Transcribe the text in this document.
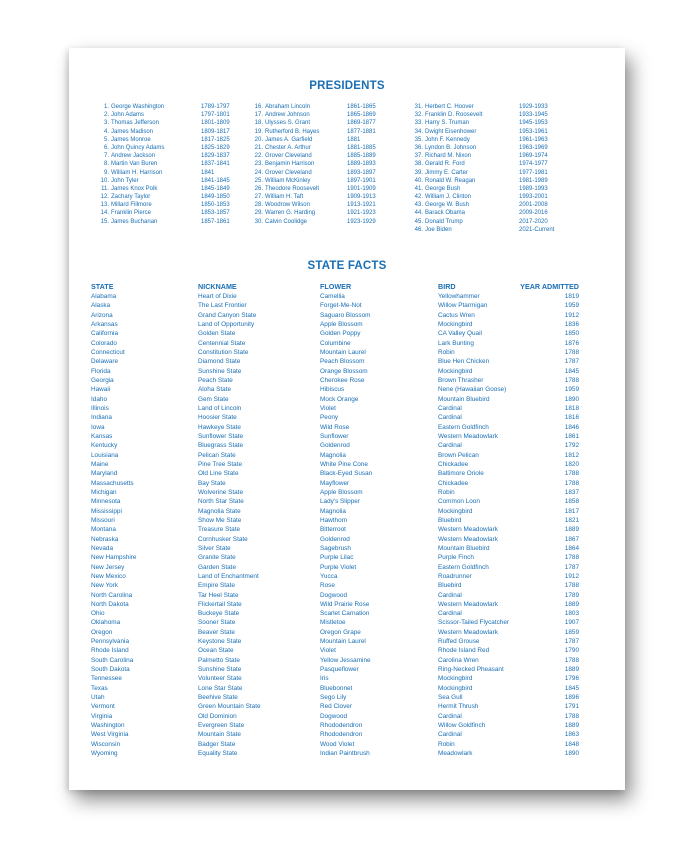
PRESIDENTS
1. George Washington	1789-1797
2. John Adams	1797-1801
3. Thomas Jefferson	1801-1809
4. James Madison	1809-1817
5. James Monroe	1817-1825
6. John Quincy Adams	1825-1829
7. Andrew Jackson	1829-1837
8. Martin Van Buren	1837-1841
9. William H. Harrison	1841
10. John Tyler	1841-1845
11. James Knox Polk	1845-1849
12. Zachary Taylor	1849-1850
13. Millard Fillmore	1850-1853
14. Franklin Pierce	1853-1857
15. James Buchanan	1857-1861
16. Abraham Lincoln	1861-1865
17. Andrew Johnson	1865-1869
18. Ulysses S. Grant	1869-1877
19. Rutherford B. Hayes	1877-1881
20. James A. Garfield	1881
21. Chester A. Arthur	1881-1885
22. Grover Cleveland	1885-1889
23. Benjamin Harrison	1889-1893
24. Grover Cleveland	1893-1897
25. William McKinley	1897-1901
26. Theodore Roosevelt	1901-1909
27. William H. Taft	1909-1913
28. Woodrow Wilson	1913-1921
29. Warren G. Harding	1921-1923
30. Calvin Coolidge	1923-1929
31. Herbert C. Hoover	1929-1933
32. Franklin D. Roosevelt	1933-1945
33. Harry S. Truman	1945-1953
34. Dwight Eisenhower	1953-1961
35. John F. Kennedy	1961-1963
36. Lyndon B. Johnson	1963-1969
37. Richard M. Nixon	1969-1974
38. Gerald R. Ford	1974-1977
39. Jimmy E. Carter	1977-1981
40. Ronald W. Reagan	1981-1989
41. George Bush	1989-1993
42. William J. Clinton	1993-2001
43. George W. Bush	2001-2008
44. Barack Obama	2009-2016
45. Donald Trump	2017-2020
46. Joe Biden	2021-Current
STATE FACTS
STATE	NICKNAME	FLOWER	BIRD	YEAR ADMITTED
Alabama	Heart of Dixie	Camellia	Yellowhammer	1819
Alaska	The Last Frontier	Forget-Me-Not	Willow Ptarmigan	1959
Arizona	Grand Canyon State	Saguaro Blossom	Cactus Wren	1912
Arkansas	Land of Opportunity	Apple Blossom	Mockingbird	1836
California	Golden State	Golden Poppy	CA Valley Quail	1850
Colorado	Centennial State	Columbine	Lark Bunting	1876
Connecticut	Constitution State	Mountain Laurel	Robin	1788
Delaware	Diamond State	Peach Blossom	Blue Hen Chicken	1787
Florida	Sunshine State	Orange Blossom	Mockingbird	1845
Georgia	Peach State	Cherokee Rose	Brown Thrasher	1788
Hawaii	Aloha State	Hibiscus	Nene (Hawaiian Goose)	1959
Idaho	Gem State	Mock Orange	Mountain Bluebird	1890
Illinois	Land of Lincoln	Violet	Cardinal	1818
Indiana	Hoosier State	Peony	Cardinal	1816
Iowa	Hawkeye State	Wild Rose	Eastern Goldfinch	1846
Kansas	Sunflower State	Sunflower	Western Meadowlark	1861
Kentucky	Bluegrass State	Goldenrod	Cardinal	1792
Louisiana	Pelican State	Magnolia	Brown Pelican	1812
Maine	Pine Tree State	White Pine Cone	Chickadee	1820
Maryland	Old Line State	Black-Eyed Susan	Baltimore Oriole	1788
Massachusetts	Bay State	Mayflower	Chickadee	1788
Michigan	Wolverine State	Apple Blossom	Robin	1837
Minnesota	North Star State	Lady's Slipper	Common Loon	1858
Mississippi	Magnolia State	Magnolia	Mockingbird	1817
Missouri	Show Me State	Hawthorn	Bluebird	1821
Montana	Treasure State	Bitterroot	Western Meadowlark	1889
Nebraska	Cornhusker State	Goldenrod	Western Meadowlark	1867
Nevada	Silver State	Sagebrush	Mountain Bluebird	1864
New Hampshire	Granite State	Purple Lilac	Purple Finch	1788
New Jersey	Garden State	Purple Violet	Eastern Goldfinch	1787
New Mexico	Land of Enchantment	Yucca	Roadrunner	1912
New York	Empire State	Rose	Bluebird	1788
North Carolina	Tar Heel State	Dogwood	Cardinal	1789
North Dakota	Flickertail State	Wild Prairie Rose	Western Meadowlark	1889
Ohio	Buckeye State	Scarlet Carnation	Cardinal	1803
Oklahoma	Sooner State	Mistletoe	Scissor-Tailed Flycatcher	1907
Oregon	Beaver State	Oregon Grape	Western Meadowlark	1859
Pennsylvania	Keystone State	Mountain Laurel	Ruffed Grouse	1787
Rhode Island	Ocean State	Violet	Rhode Island Red	1790
South Carolina	Palmetto State	Yellow Jessamine	Carolina Wren	1788
South Dakota	Sunshine State	Pasqueflower	Ring-Necked Pheasant	1889
Tennessee	Volunteer State	Iris	Mockingbird	1796
Texas	Lone Star State	Bluebonnet	Mockingbird	1845
Utah	Beehive State	Sego Lily	Sea Gull	1896
Vermont	Green Mountain State	Red Clover	Hermit Thrush	1791
Virginia	Old Dominion	Dogwood	Cardinal	1788
Washington	Evergreen State	Rhododendron	Willow Goldfinch	1889
West Virginia	Mountain State	Rhododendron	Cardinal	1863
Wisconsin	Badger State	Wood Violet	Robin	1848
Wyoming	Equality State	Indian Paintbrush	Meadowlark	1890
